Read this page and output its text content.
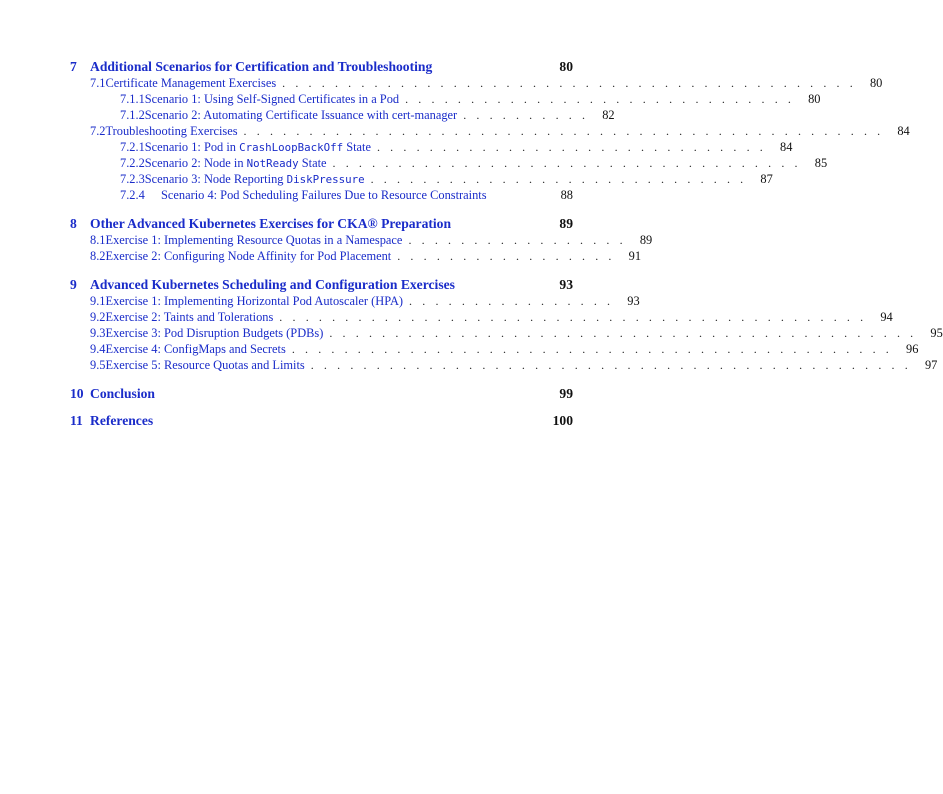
7 Additional Scenarios for Certification and Troubleshooting	80
7.1 Certificate Management Exercises . . . . . . . . . . . . . . . . . . . . . . . . . . . . . . . . . . . . . . . . . . . .	80
7.1.1 Scenario 1: Using Self-Signed Certificates in a Pod . . . . . . . . . . . . . . . . . . . . . . . . . . . . . .	80
7.1.2 Scenario 2: Automating Certificate Issuance with cert-manager . . . . . . . . . .	82
7.2 Troubleshooting Exercises . . . . . . . . . . . . . . . . . . . . . . . . . . . . . . . . . . . . . . . . . . . . . . . . .	84
7.2.1 Scenario 1: Pod in CrashLoopBackOff State . . . . . . . . . . . . . . . . . . . . . . . . . . . . . .	84
7.2.2 Scenario 2: Node in NotReady State . . . . . . . . . . . . . . . . . . . . . . . . . . . . . . . . . . . .	85
7.2.3 Scenario 3: Node Reporting DiskPressure . . . . . . . . . . . . . . . . . . . . . . . . . . . . .	87
7.2.4	Scenario 4: Pod Scheduling Failures Due to Resource Constraints	88
8 Other Advanced Kubernetes Exercises for CKA® Preparation	89
8.1 Exercise 1: Implementing Resource Quotas in a Namespace . . . . . . . . . . . . . . . . .	89
8.2 Exercise 2: Configuring Node Affinity for Pod Placement . . . . . . . . . . . . . . . . .	91
9 Advanced Kubernetes Scheduling and Configuration Exercises	93
9.1 Exercise 1: Implementing Horizontal Pod Autoscaler (HPA) . . . . . . . . . . . . . . . .	93
9.2 Exercise 2: Taints and Tolerations . . . . . . . . . . . . . . . . . . . . . . . . . . . . . . . . . . . . . . . . . . . . .	94
9.3 Exercise 3: Pod Disruption Budgets (PDBs) . . . . . . . . . . . . . . . . . . . . . . . . . . . . . . . . . . . . . . . . . . . . .	95
9.4 Exercise 4: ConfigMaps and Secrets . . . . . . . . . . . . . . . . . . . . . . . . . . . . . . . . . . . . . . . . . . . . . .	96
9.5 Exercise 5: Resource Quotas and Limits . . . . . . . . . . . . . . . . . . . . . . . . . . . . . . . . . . . . . . . . . . . . . .	97
10 Conclusion	99
11 References	100
